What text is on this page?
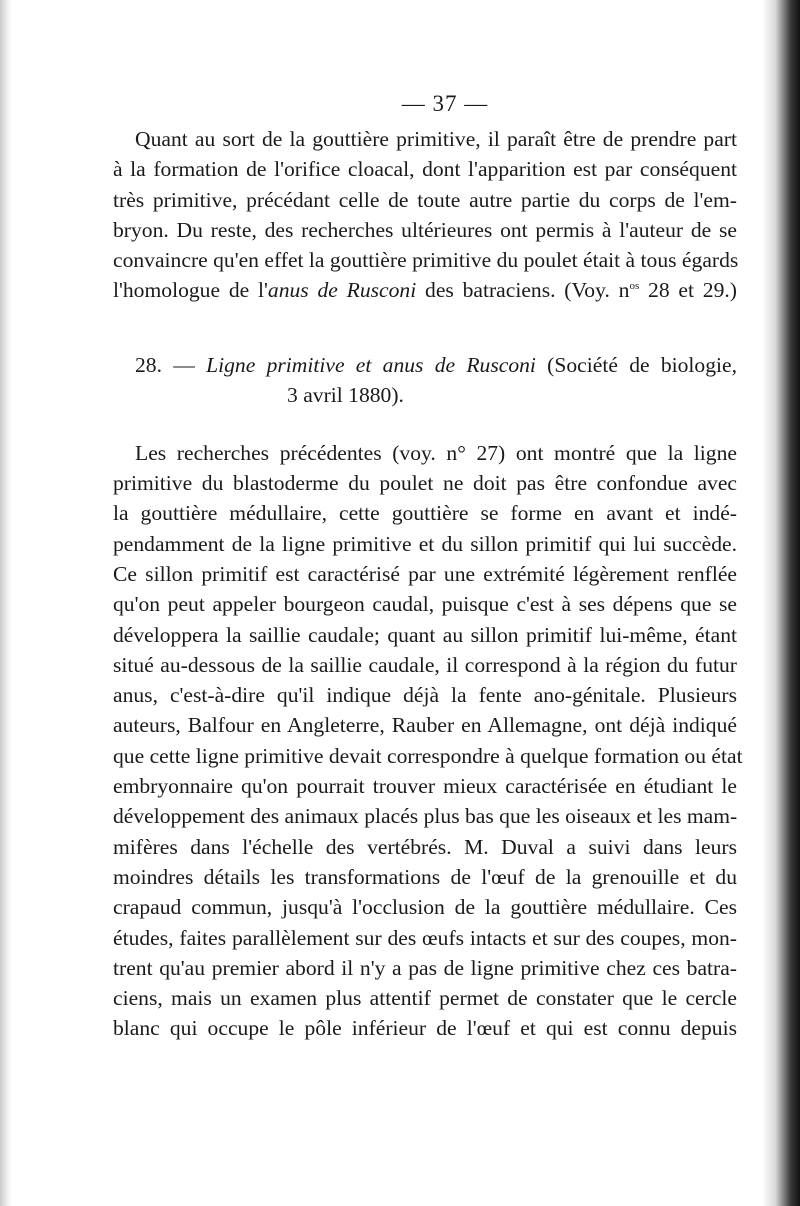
— 37 —

Quant au sort de la gouttière primitive, il paraît être de prendre part
à la formation de l'orifice cloacal, dont l'apparition est par conséquent
très primitive, précédant celle de toute autre partie du corps de l'em-
bryon. Du reste, des recherches ultérieures ont permis à l'auteur de se
convaincre qu'en effet la gouttière primitive du poulet était à tous égards
l'homologue de l'anus de Rusconi des batraciens. (Voy. $n^{os}$ 28 et 29.)

28. — Ligne primitive et anus de Rusconi (Société de biologie,
3 avril 1880).

Les recherches précédentes (voy. n° 27) ont montré que la ligne
primitive du blastoderme du poulet ne doit pas être confondue avec
la gouttière médullaire, cette gouttière se forme en avant et indé-
pendamment de la ligne primitive et du sillon primitif qui lui succède.
Ce sillon primitif est caractérisé par une extrémité légèrement renflée
qu'on peut appeler bourgeon caudal, puisque c'est à ses dépens que se
développera la saillie caudale; quant au sillon primitif lui-même, étant
situé au-dessous de la saillie caudale, il correspond à la région du futur
anus, c'est-à-dire qu'il indique déjà la fente ano-génitale. Plusieurs
auteurs, Balfour en Angleterre, Rauber en Allemagne, ont déjà indiqué
que cette ligne primitive devait correspondre à quelque formation ou état
embryonnaire qu'on pourrait trouver mieux caractérisée en étudiant le
développement des animaux placés plus bas que les oiseaux et les mam-
mifères dans l'échelle des vertébrés. M. Duval a suivi dans leurs
moindres détails les transformations de l'œuf de la grenouille et du
crapaud commun, jusqu'à l'occlusion de la gouttière médullaire. Ces
études, faites parallèlement sur des œufs intacts et sur des coupes, mon-
trent qu'au premier abord il n'y a pas de ligne primitive chez ces batra-
ciens, mais un examen plus attentif permet de constater que le cercle
blanc qui occupe le pôle inférieur de l'œuf et qui est connu depuis
